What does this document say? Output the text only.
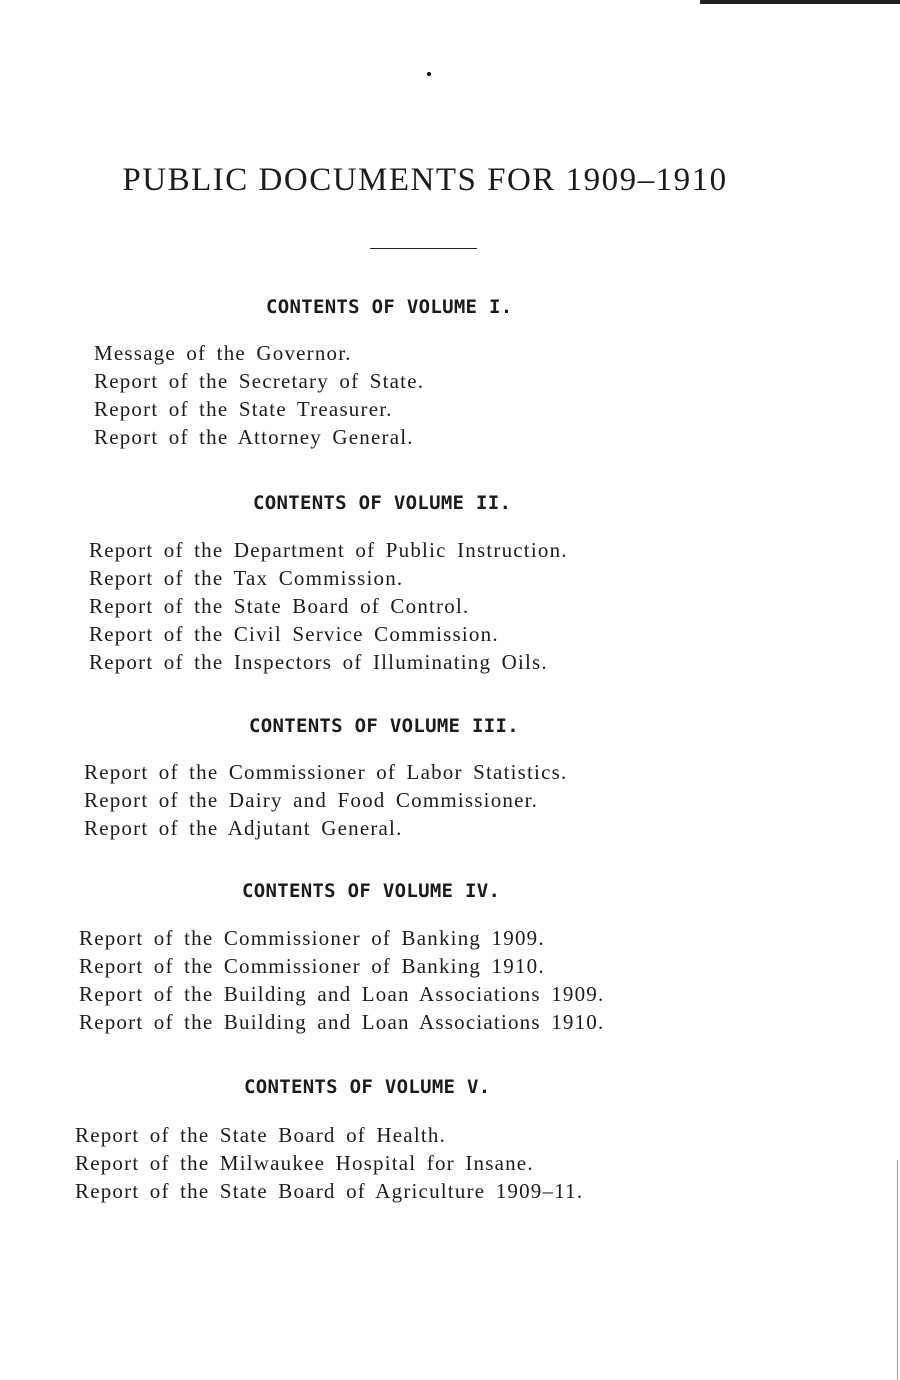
PUBLIC DOCUMENTS FOR 1909–1910
CONTENTS OF VOLUME I.
Message of the Governor.
Report of the Secretary of State.
Report of the State Treasurer.
Report of the Attorney General.
CONTENTS OF VOLUME II.
Report of the Department of Public Instruction.
Report of the Tax Commission.
Report of the State Board of Control.
Report of the Civil Service Commission.
Report of the Inspectors of Illuminating Oils.
CONTENTS OF VOLUME III.
Report of the Commissioner of Labor Statistics.
Report of the Dairy and Food Commissioner.
Report of the Adjutant General.
CONTENTS OF VOLUME IV.
Report of the Commissioner of Banking 1909.
Report of the Commissioner of Banking 1910.
Report of the Building and Loan Associations 1909.
Report of the Building and Loan Associations 1910.
CONTENTS OF VOLUME V.
Report of the State Board of Health.
Report of the Milwaukee Hospital for Insane.
Report of the State Board of Agriculture 1909–11.
